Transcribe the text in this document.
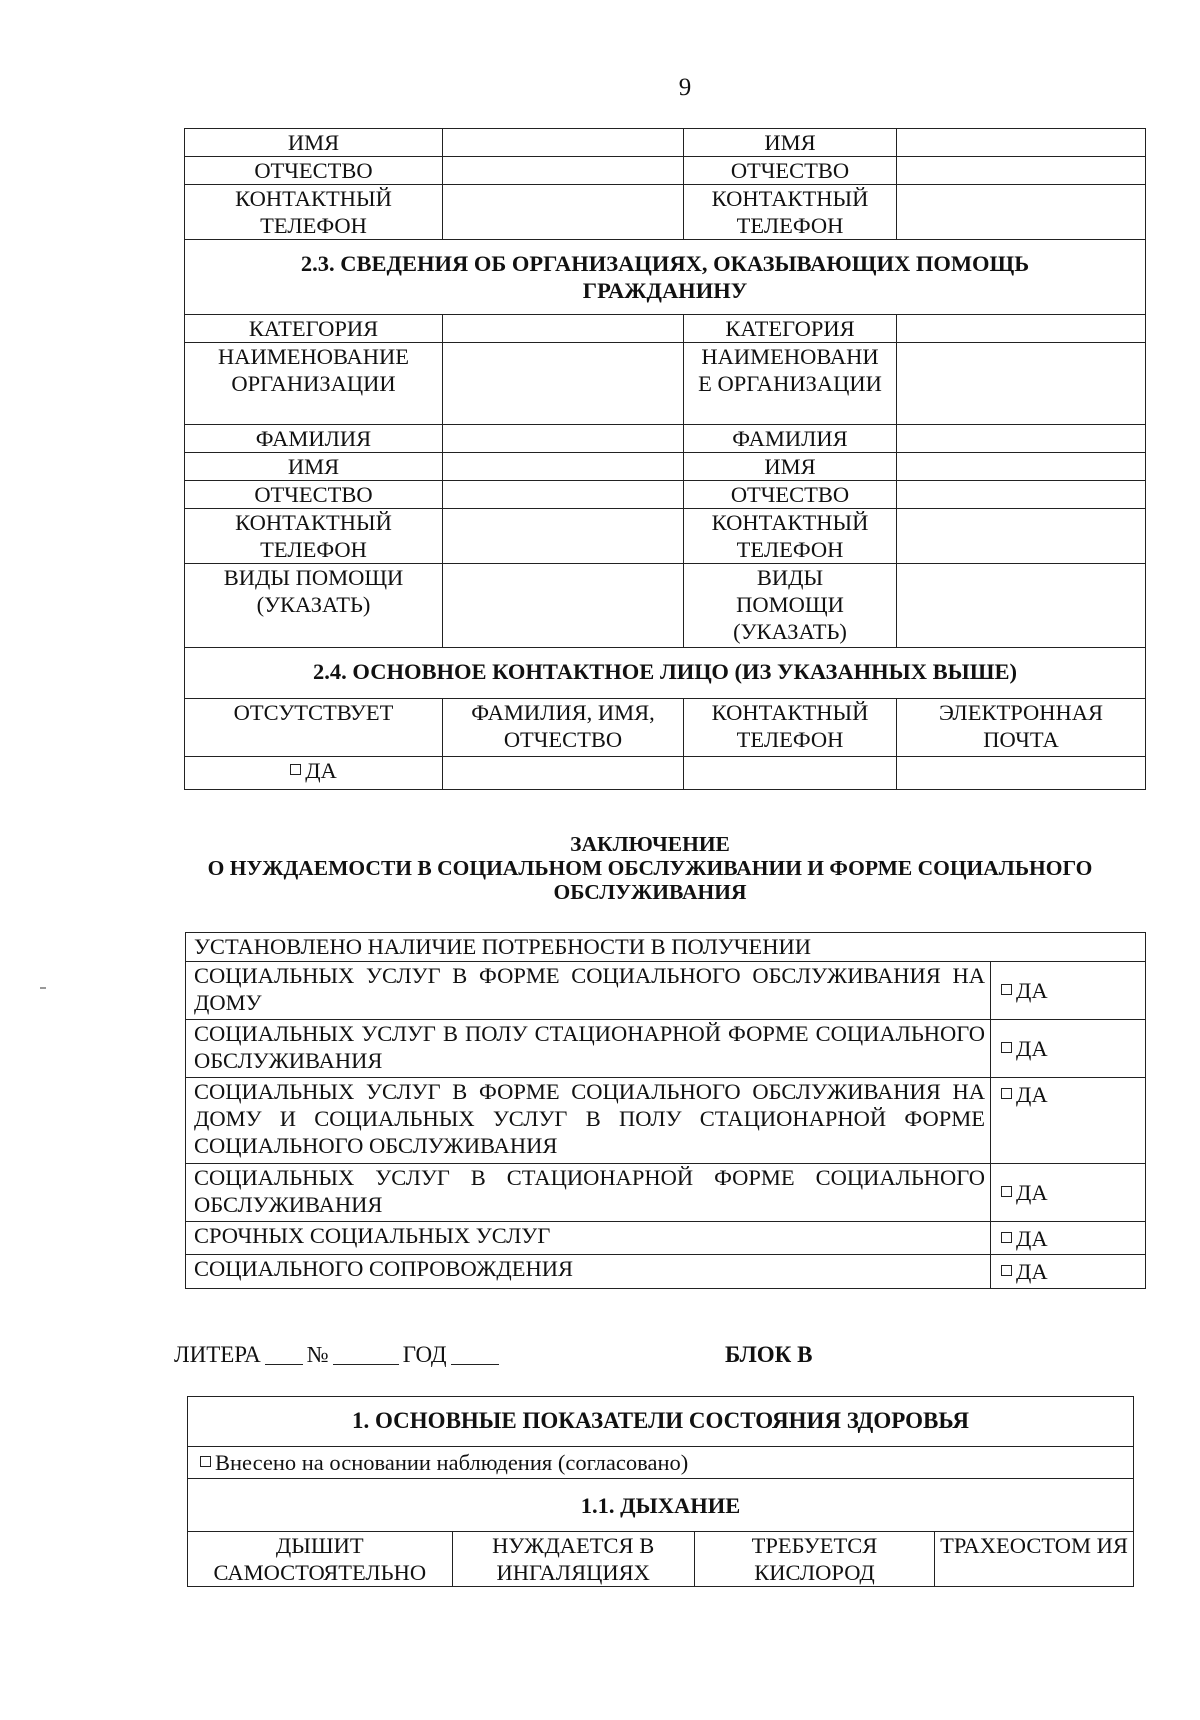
9
ИМЯ		ИМЯ	
ОТЧЕСТВО		ОТЧЕСТВО	
КОНТАКТНЫЙ ТЕЛЕФОН		КОНТАКТНЫЙ ТЕЛЕФОН	

2.3. СВЕДЕНИЯ ОБ ОРГАНИЗАЦИЯХ, ОКАЗЫВАЮЩИХ ПОМОЩЬ
ГРАЖДАНИНУ			

КАТЕГОРИЯ		КАТЕГОРИЯ	
НАИМЕНОВАНИЕ ОРГАНИЗАЦИИ		НАИМЕНОВАНИ Е ОРГАНИЗАЦИИ	
ФАМИЛИЯ		ФАМИЛИЯ	
ИМЯ		ИМЯ	
ОТЧЕСТВО		ОТЧЕСТВО	
КОНТАКТНЫЙ ТЕЛЕФОН		КОНТАКТНЫЙ ТЕЛЕФОН	
ВИДЫ ПОМОЩИ (УКАЗАТЬ)		ВИДЫ ПОМОЩИ (УКАЗАТЬ)	
2.4. ОСНОВНОЕ КОНТАКТНОЕ ЛИЦО (ИЗ УКАЗАННЫХ ВЫШЕ)			
ОТСУТСТВУЕТ	ФАМИЛИЯ, ИМЯ, ОТЧЕСТВО	КОНТАКТНЫЙ ТЕЛЕФОН	ЭЛЕКТРОННАЯ ПОЧТА
ДА			
ЗАКЛЮЧЕНИЕ
О НУЖДАЕМОСТИ В СОЦИАЛЬНОМ ОБСЛУЖИВАНИИ И ФОРМЕ СОЦИАЛЬНОГО
ОБСЛУЖИВАНИЯ
УСТАНОВЛЕНО НАЛИЧИЕ ПОТРЕБНОСТИ В ПОЛУЧЕНИИ	
СОЦИАЛЬНЫХ УСЛУГ В ФОРМЕ СОЦИАЛЬНОГО ОБСЛУЖИВАНИЯ НА ДОМУ	ДА
СОЦИАЛЬНЫХ УСЛУГ В ПОЛУ СТАЦИОНАРНОЙ ФОРМЕ СОЦИАЛЬНОГО ОБСЛУЖИВАНИЯ	ДА
СОЦИАЛЬНЫХ УСЛУГ В ФОРМЕ СОЦИАЛЬНОГО ОБСЛУЖИВАНИЯ НА ДОМУ И СОЦИАЛЬНЫХ УСЛУГ В ПОЛУ СТАЦИОНАРНОЙ ФОРМЕ СОЦИАЛЬНОГО ОБСЛУЖИВАНИЯ	ДА
СОЦИАЛЬНЫХ УСЛУГ В СТАЦИОНАРНОЙ ФОРМЕ СОЦИАЛЬНОГО ОБСЛУЖИВАНИЯ	ДА
СРОЧНЫХ СОЦИАЛЬНЫХ УСЛУГ	ДА
СОЦИАЛЬНОГО СОПРОВОЖДЕНИЯ	ДА
ЛИТЕРА №	ГОД	БЛОК В
1. ОСНОВНЫЕ ПОКАЗАТЕЛИ СОСТОЯНИЯ ЗДОРОВЬЯ
Внесено на основании наблюдения (согласовано)
1.1. ДЫХАНИЕ
ДЫШИТ САМОСТОЯТЕЛЬНО	НУЖДАЕТСЯ В ИНГАЛЯЦИЯХ	ТРЕБУЕТСЯ КИСЛОРОД	ТРАХЕОСТОМ ИЯ
